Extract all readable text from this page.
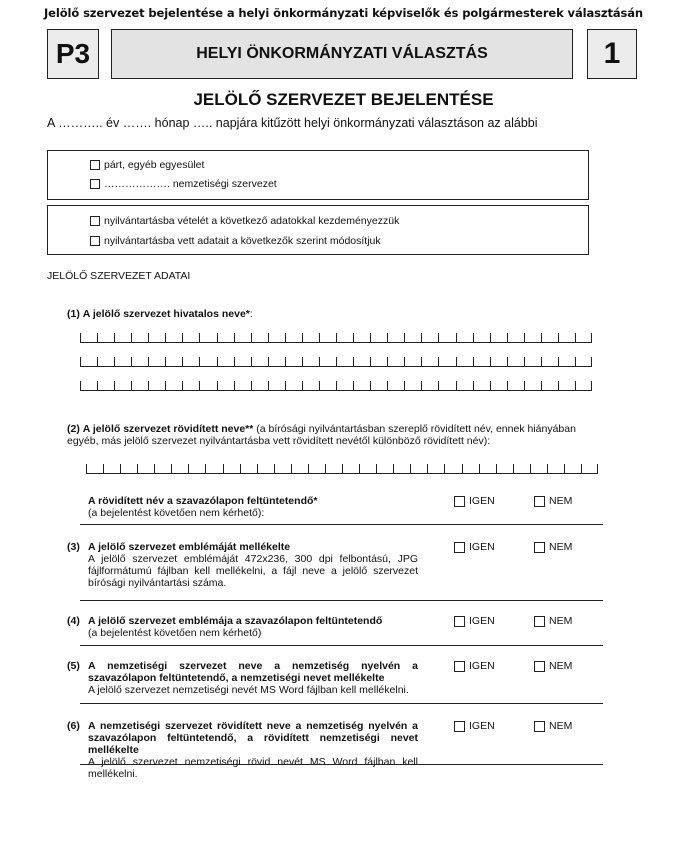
Jelölő szervezet bejelentése a helyi önkormányzati képviselők és polgármesterek választásán
P3	HELYI ÖNKORMÁNYZATI VÁLASZTÁS	1
JELÖLŐ SZERVEZET BEJELENTÉSE
A ……….. év ……. hónap ….. napjára kitűzött helyi önkormányzati választáson az alábbi
párt, egyéb egyesület
………………. nemzetiségi szervezet
nyilvántartásba vételét a következő adatokkal kezdeményezzük
nyilvántartásba vett adatait a következők szerint módosítjuk
JELÖLŐ SZERVEZET ADATAI
(1) A jelölő szervezet hivatalos neve*:
(2) A jelölő szervezet rövidített neve** (a bírósági nyilvántartásban szereplő rövidített név, ennek hiányában egyéb, más jelölő szervezet nyilvántartásba vett rövidített nevétől különböző rövidített név):
A rövidített név a szavazólapon feltüntetendő*
(a bejelentést követően nem kérhető):
IGEN	NEM
(3) A jelölő szervezet emblémáját mellékelte
A jelölő szervezet emblémáját 472x236, 300 dpi felbontású, JPG fájlformátumú fájlban kell mellékelni, a fájl neve a jelölő szervezet bírósági nyilvántartási száma.
IGEN	NEM
(4) A jelölő szervezet emblémája a szavazólapon feltüntetendő
(a bejelentést követően nem kérhető)
IGEN	NEM
(5) A nemzetiségi szervezet neve a nemzetiség nyelvén a szavazólapon feltüntetendő, a nemzetiségi nevet mellékelte
A jelölő szervezet nemzetiségi nevét MS Word fájlban kell mellékelni.
IGEN	NEM
(6) A nemzetiségi szervezet rövidített neve a nemzetiség nyelvén a szavazólapon feltüntetendő, a rövidített nemzetiségi nevet mellékelte
A jelölő szervezet nemzetiségi rövid nevét MS Word fájlban kell mellékelni.
IGEN	NEM
